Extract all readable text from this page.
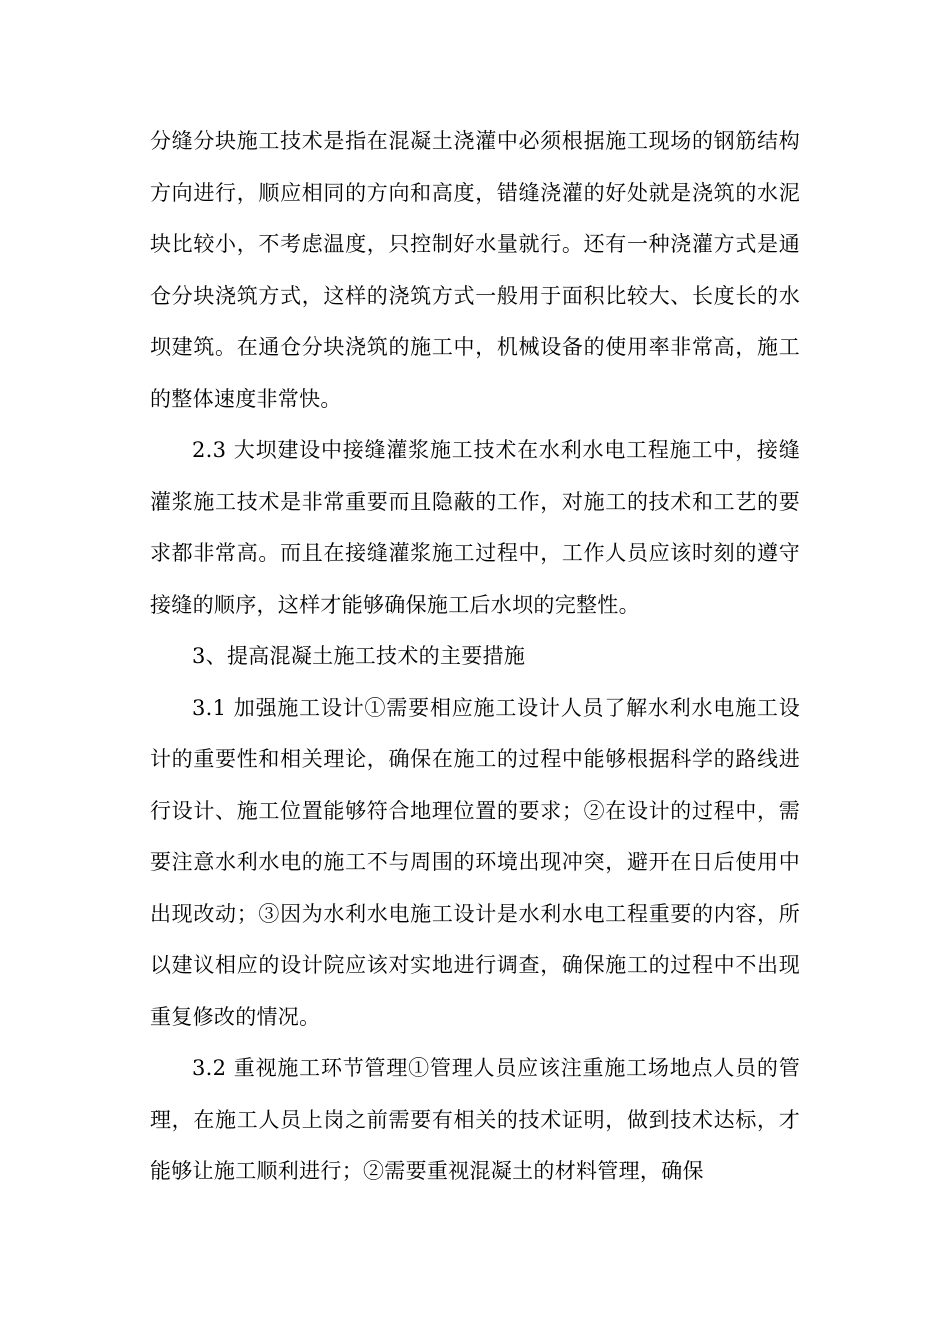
分缝分块施工技术是指在混凝土浇灌中必须根据施工现场的钢筋结构方向进行，顺应相同的方向和高度，错缝浇灌的好处就是浇筑的水泥块比较小，不考虑温度，只控制好水量就行。还有一种浇灌方式是通仓分块浇筑方式，这样的浇筑方式一般用于面积比较大、长度长的水坝建筑。在通仓分块浇筑的施工中，机械设备的使用率非常高，施工的整体速度非常快。

2.3 大坝建设中接缝灌浆施工技术在水利水电工程施工中，接缝灌浆施工技术是非常重要而且隐蔽的工作，对施工的技术和工艺的要求都非常高。而且在接缝灌浆施工过程中，工作人员应该时刻的遵守接缝的顺序，这样才能够确保施工后水坝的完整性。

3、提高混凝土施工技术的主要措施

3.1 加强施工设计①需要相应施工设计人员了解水利水电施工设计的重要性和相关理论，确保在施工的过程中能够根据科学的路线进行设计、施工位置能够符合地理位置的要求；②在设计的过程中，需要注意水利水电的施工不与周围的环境出现冲突，避开在日后使用中出现改动；③因为水利水电施工设计是水利水电工程重要的内容，所以建议相应的设计院应该对实地进行调查，确保施工的过程中不出现重复修改的情况。

3.2 重视施工环节管理①管理人员应该注重施工场地点人员的管理，在施工人员上岗之前需要有相关的技术证明，做到技术达标，才能够让施工顺利进行；②需要重视混凝土的材料管理，确保
